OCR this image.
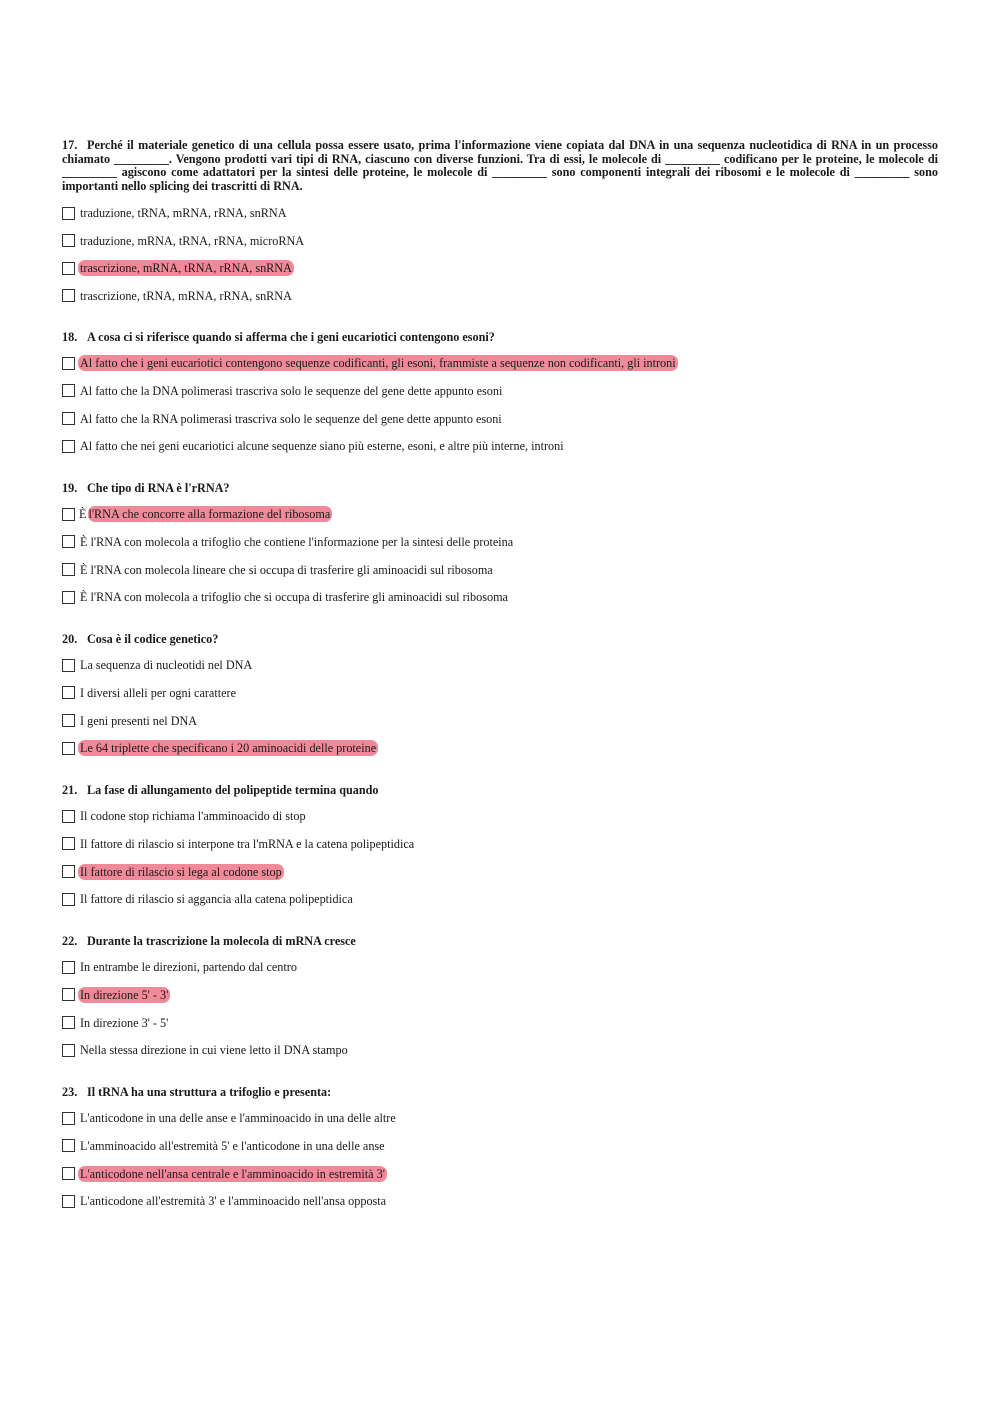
17. Perché il materiale genetico di una cellula possa essere usato, prima l'informazione viene copiata dal DNA in una sequenza nucleotidica di RNA in un processo chiamato _________. Vengono prodotti vari tipi di RNA, ciascuno con diverse funzioni. Tra di essi, le molecole di _________ codificano per le proteine, le molecole di _________ agiscono come adattatori per la sintesi delle proteine, le molecole di _________ sono componenti integrali dei ribosomi e le molecole di _________ sono importanti nello splicing dei trascritti di RNA.
traduzione, tRNA, mRNA, rRNA, snRNA
traduzione, mRNA, tRNA, rRNA, microRNA
trascrizione, mRNA, tRNA, rRNA, snRNA
trascrizione, tRNA, mRNA, rRNA, snRNA
18. A cosa ci si riferisce quando si afferma che i geni eucariotici contengono esoni?
Al fatto che i geni eucariotici contengono sequenze codificanti, gli esoni, frammiste a sequenze non codificanti, gli introni
Al fatto che la DNA polimerasi trascriva solo le sequenze del gene dette appunto esoni
Al fatto che la RNA polimerasi trascriva solo le sequenze del gene dette appunto esoni
Al fatto che nei geni eucariotici alcune sequenze siano più esterne, esoni, e altre più interne, introni
19. Che tipo di RNA è l'rRNA?
È l'RNA che concorre alla formazione del ribosoma
È l'RNA con molecola a trifoglio che contiene l'informazione per la sintesi delle proteina
È l'RNA con molecola lineare che si occupa di trasferire gli aminoacidi sul ribosoma
È l'RNA con molecola a trifoglio che si occupa di trasferire gli aminoacidi sul ribosoma
20. Cosa è il codice genetico?
La sequenza di nucleotidi nel DNA
I diversi alleli per ogni carattere
I geni presenti nel DNA
Le 64 triplette che specificano i 20 aminoacidi delle proteine
21. La fase di allungamento del polipeptide termina quando
Il codone stop richiama l'amminoacido di stop
Il fattore di rilascio si interpone tra l'mRNA e la catena polipeptidica
Il fattore di rilascio si lega al codone stop
Il fattore di rilascio si aggancia alla catena polipeptidica
22. Durante la trascrizione la molecola di mRNA cresce
In entrambe le direzioni, partendo dal centro
In direzione 5' - 3'
In direzione 3' - 5'
Nella stessa direzione in cui viene letto il DNA stampo
23. Il tRNA ha una struttura a trifoglio e presenta:
L'anticodone in una delle anse e l'amminoacido in una delle altre
L'amminoacido all'estremità 5' e l'anticodone in una delle anse
L'anticodone nell'ansa centrale e l'amminoacido in estremità 3'
L'anticodone all'estremità 3' e l'amminoacido nell'ansa opposta
